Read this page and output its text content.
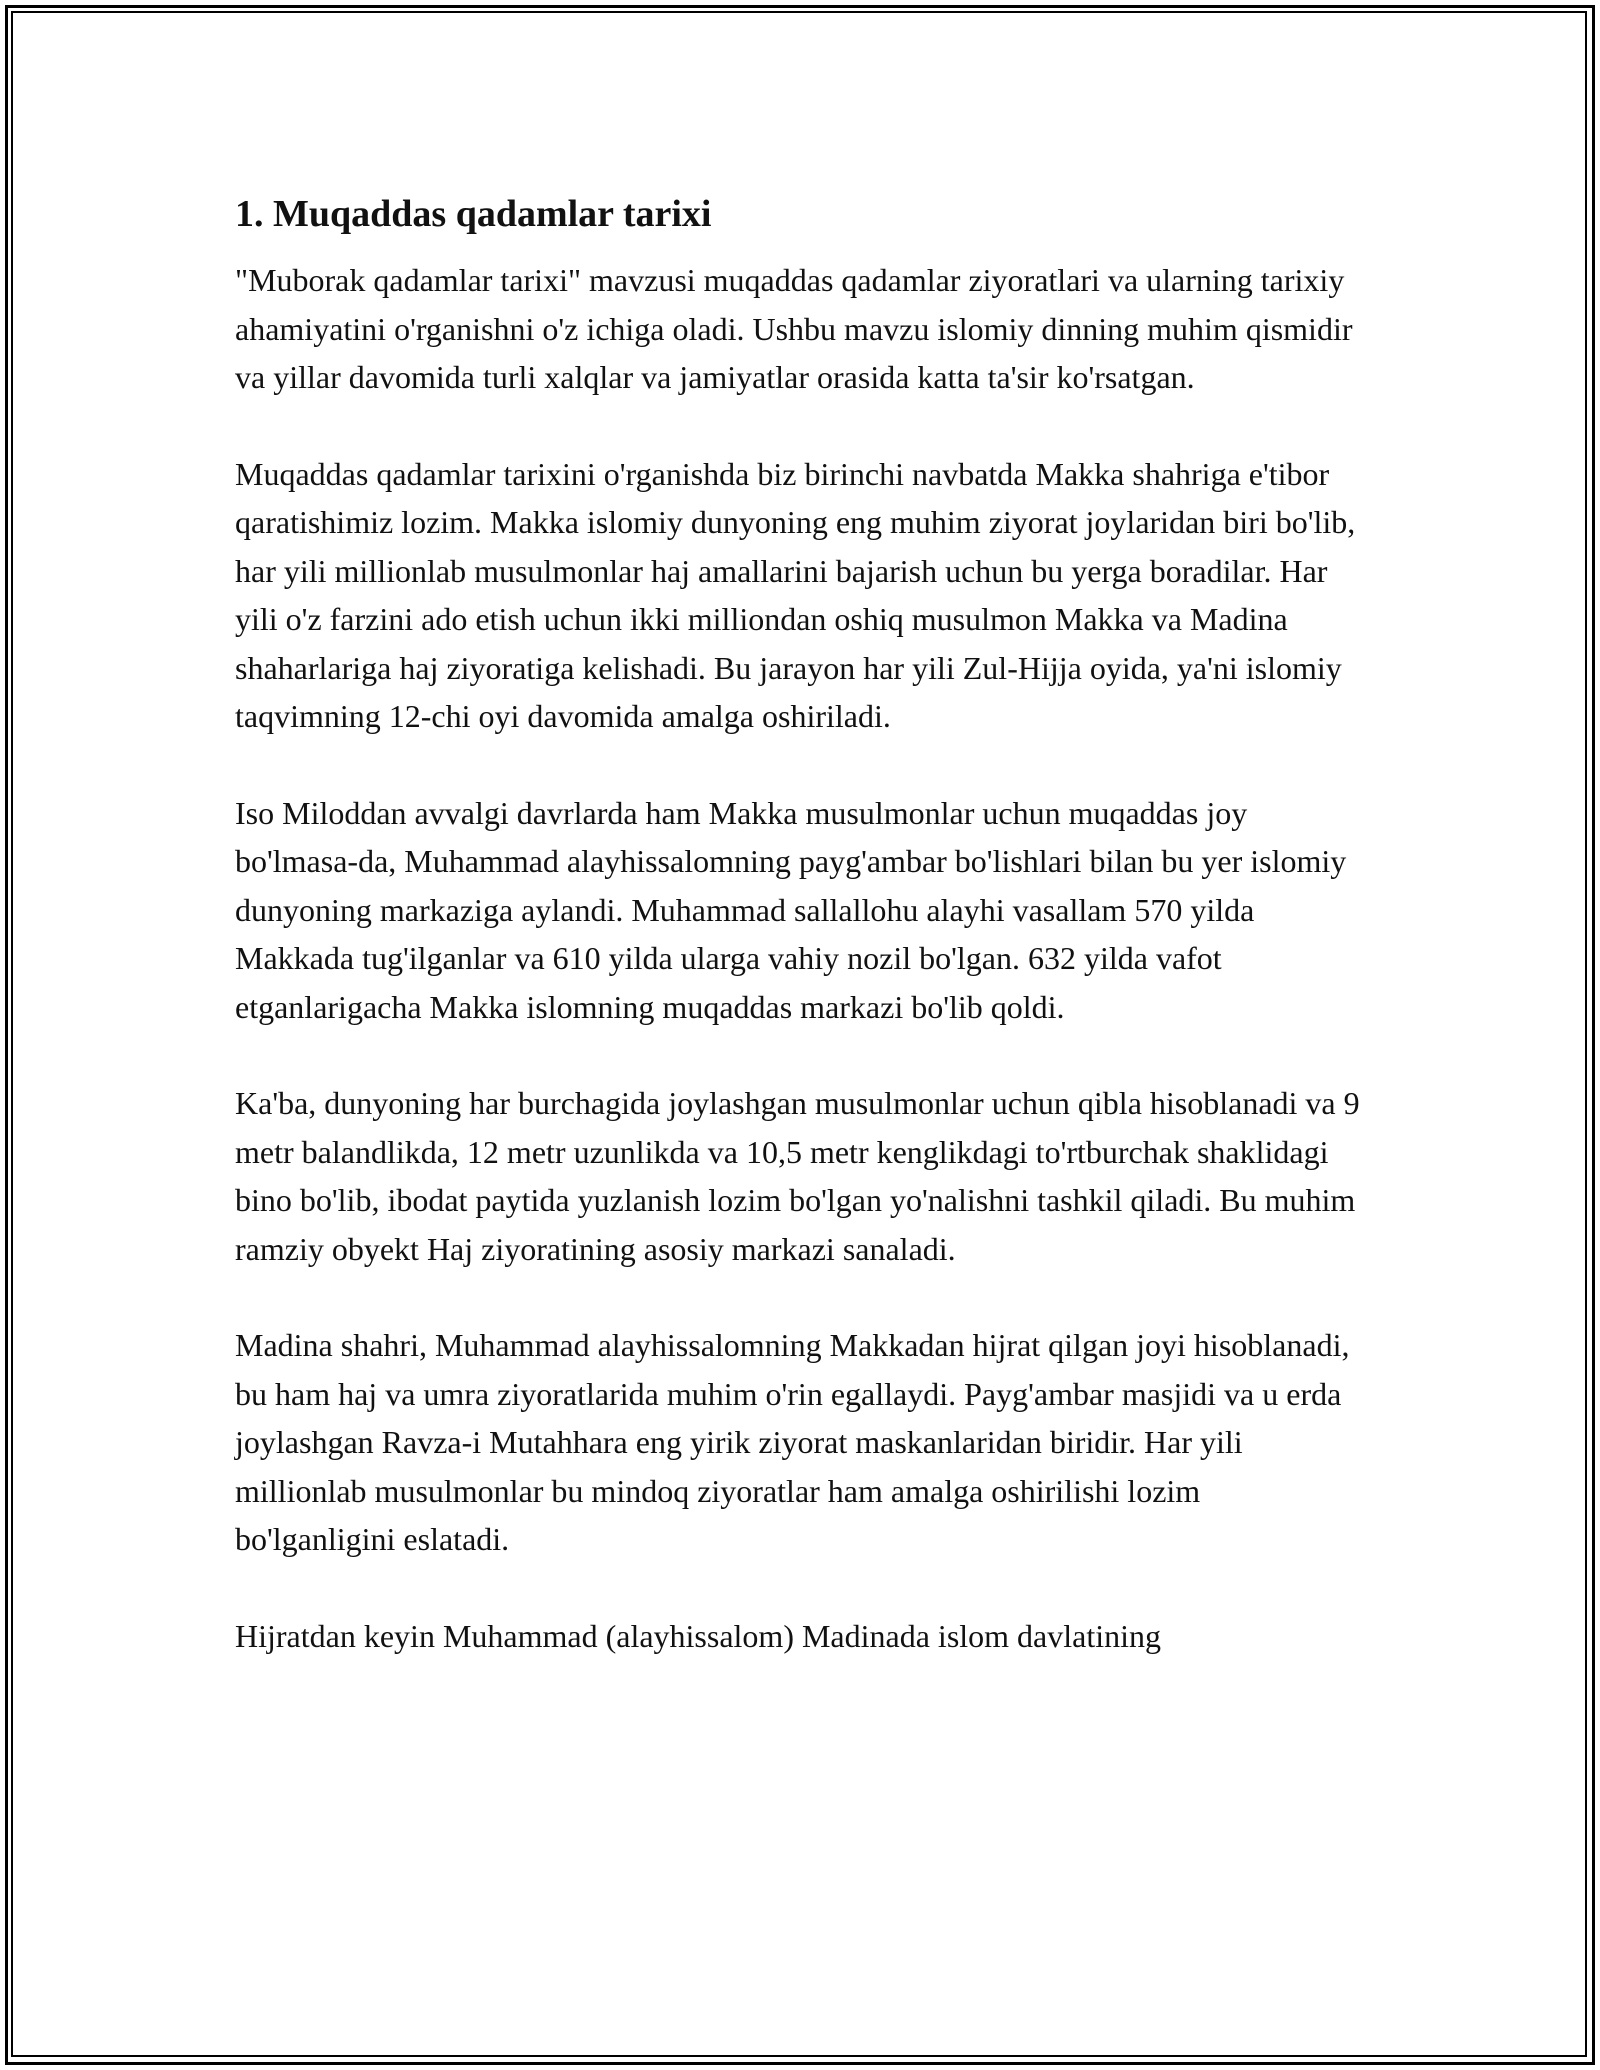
1. Muqaddas qadamlar tarixi

"Muborak qadamlar tarixi" mavzusi muqaddas qadamlar ziyoratlari va ularning tarixiy ahamiyatini o'rganishni o'z ichiga oladi. Ushbu mavzu islomiy dinning muhim qismidir va yillar davomida turli xalqlar va jamiyatlar orasida katta ta'sir ko'rsatgan.

Muqaddas qadamlar tarixini o'rganishda biz birinchi navbatda Makka shahriga e'tibor qaratishimiz lozim. Makka islomiy dunyoning eng muhim ziyorat joylaridan biri bo'lib, har yili millionlab musulmonlar haj amallarini bajarish uchun bu yerga boradilar. Har yili o'z farzini ado etish uchun ikki milliondan oshiq musulmon Makka va Madina shaharlariga haj ziyoratiga kelishadi. Bu jarayon har yili Zul-Hijja oyida, ya'ni islomiy taqvimning 12-chi oyi davomida amalga oshiriladi.

Iso Miloddan avvalgi davrlarda ham Makka musulmonlar uchun muqaddas joy bo'lmasa-da, Muhammad alayhissalomning payg'ambar bo'lishlari bilan bu yer islomiy dunyoning markaziga aylandi. Muhammad sallallohu alayhi vasallam 570 yilda Makkada tug'ilganlar va 610 yilda ularga vahiy nozil bo'lgan. 632 yilda vafot etganlarigacha Makka islomning muqaddas markazi bo'lib qoldi.

Ka'ba, dunyoning har burchagida joylashgan musulmonlar uchun qibla hisoblanadi va 9 metr balandlikda, 12 metr uzunlikda va 10,5 metr kenglikdagi to'rtburchak shaklidagi bino bo'lib, ibodat paytida yuzlanish lozim bo'lgan yo'nalishni tashkil qiladi. Bu muhim ramziy obyekt Haj ziyoratining asosiy markazi sanaladi.

Madina shahri, Muhammad alayhissalomning Makkadan hijrat qilgan joyi hisoblanadi, bu ham haj va umra ziyoratlarida muhim o'rin egallaydi. Payg'ambar masjidi va u erda joylashgan Ravza-i Mutahhara eng yirik ziyorat maskanlaridan biridir. Har yili millionlab musulmonlar bu mindoq ziyoratlar ham amalga oshirilishi lozim bo'lganligini eslatadi.

Hijratdan keyin Muhammad (alayhissalom) Madinada islom davlatining
